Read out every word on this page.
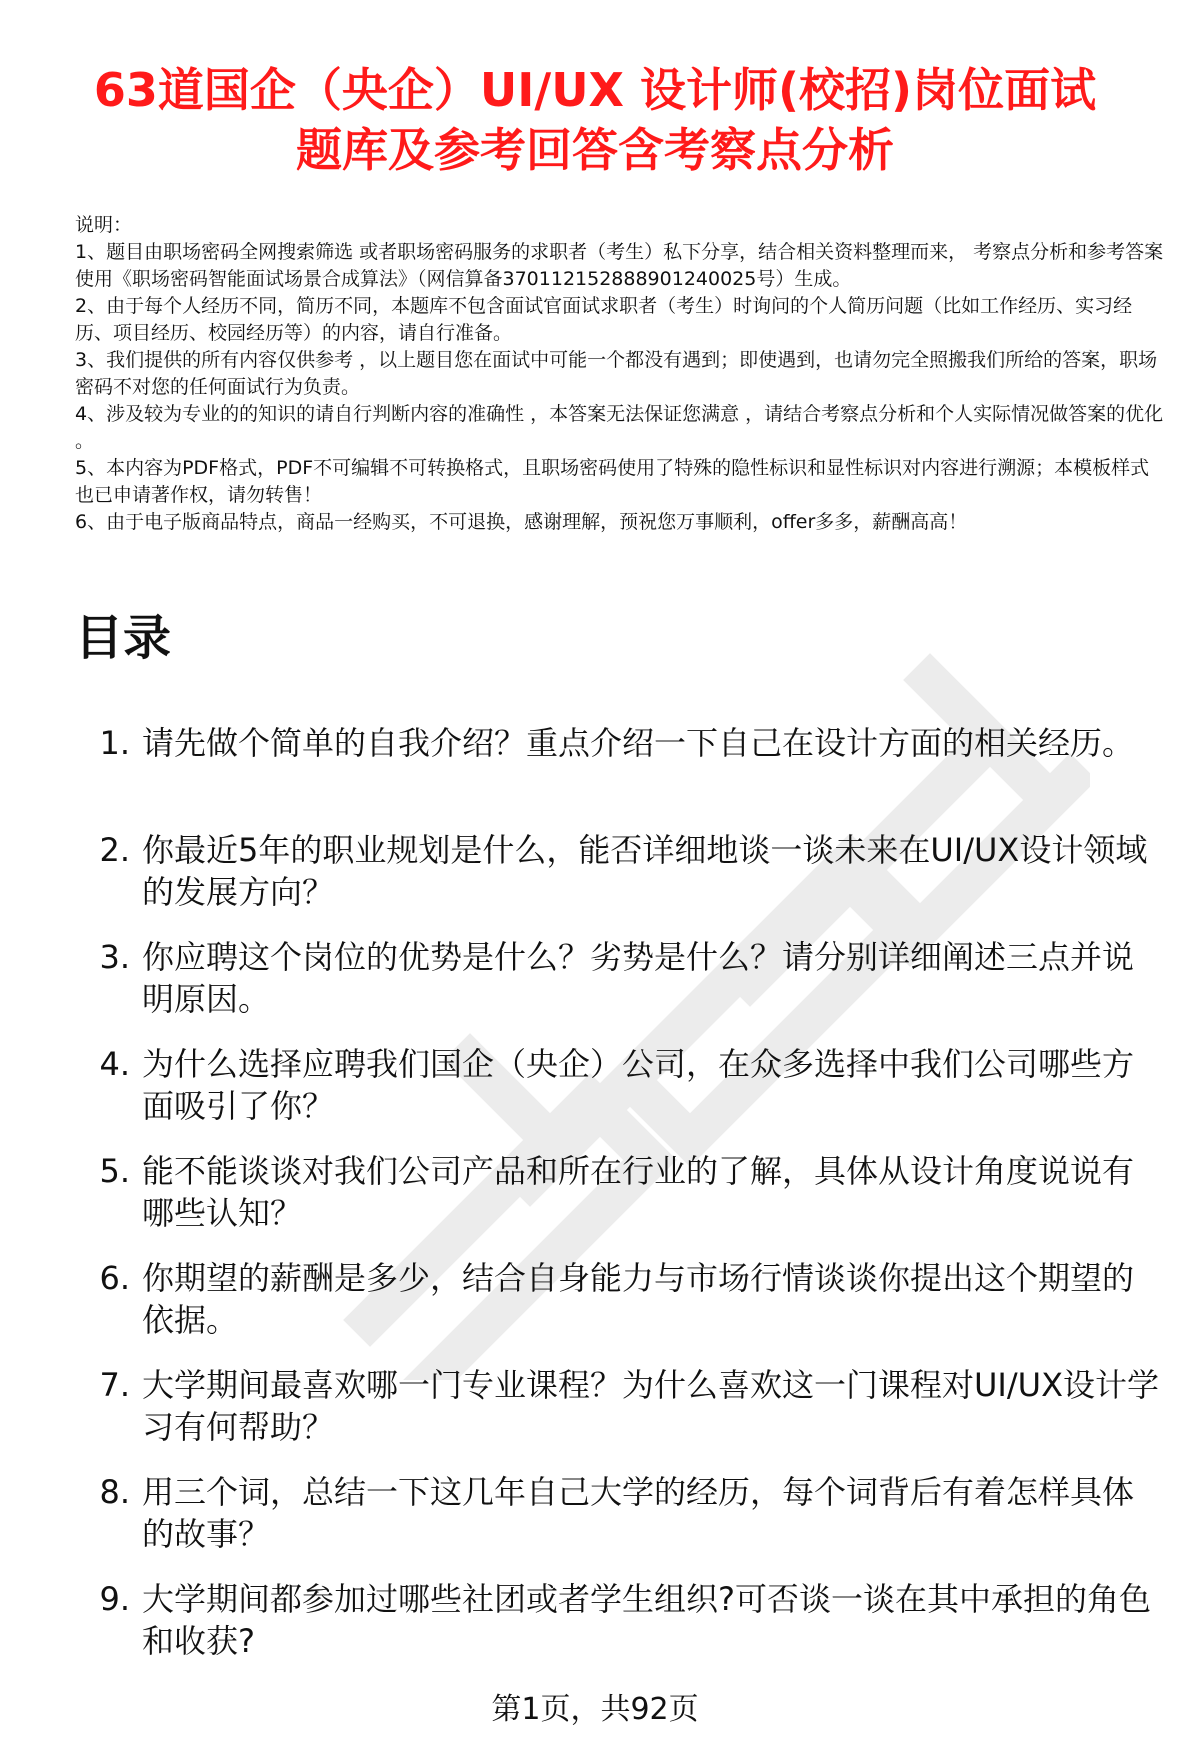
63道国企（央企）UI/UX 设计师(校招)岗位面试
题库及参考回答含考察点分析

说明：

1、题目由职场密码全网搜索筛选 或者职场密码服务的求职者（考生）私下分享，结合相关资料整理而来， 考察点分析和参考答案使用《职场密码智能面试场景合成算法》（网信算备370112152888901240025号）生成。

2、由于每个人经历不同，简历不同，本题库不包含面试官面试求职者（考生）时询问的个人简历问题（比如工作经历、实习经历、项目经历、校园经历等）的内容，请自行准备。

3、我们提供的所有内容仅供参考 ，以上题目您在面试中可能一个都没有遇到；即使遇到，也请勿完全照搬我们所给的答案，职场密码不对您的任何面试行为负责。

4、涉及较为专业的的知识的请自行判断内容的准确性 ，本答案无法保证您满意 ，请结合考察点分析和个人实际情况做答案的优化 。

5、本内容为PDF格式，PDF不可编辑不可转换格式，且职场密码使用了特殊的隐性标识和显性标识对内容进行溯源；本模板样式也已申请著作权，请勿转售！

6、由于电子版商品特点，商品一经购买，不可退换，感谢理解，预祝您万事顺利，offer多多，薪酬高高！

目录
1. 请先做个简单的自我介绍？重点介绍一下自己在设计方面的相关经历。
2. 你最近5年的职业规划是什么，能否详细地谈一谈未来在UI/UX设计领域的发展方向？
3. 你应聘这个岗位的优势是什么？劣势是什么？请分别详细阐述三点并说明原因。
4. 为什么选择应聘我们国企（央企）公司，在众多选择中我们公司哪些方面吸引了你？
5. 能不能谈谈对我们公司产品和所在行业的了解，具体从设计角度说说有哪些认知？
6. 你期望的薪酬是多少，结合自身能力与市场行情谈谈你提出这个期望的依据。
7. 大学期间最喜欢哪一门专业课程？为什么喜欢这一门课程对UI/UX设计学习有何帮助？
8. 用三个词，总结一下这几年自己大学的经历，每个词背后有着怎样具体的故事？
9. 大学期间都参加过哪些社团或者学生组织?可否谈一谈在其中承担的角色和收获?
第1页，共92页
